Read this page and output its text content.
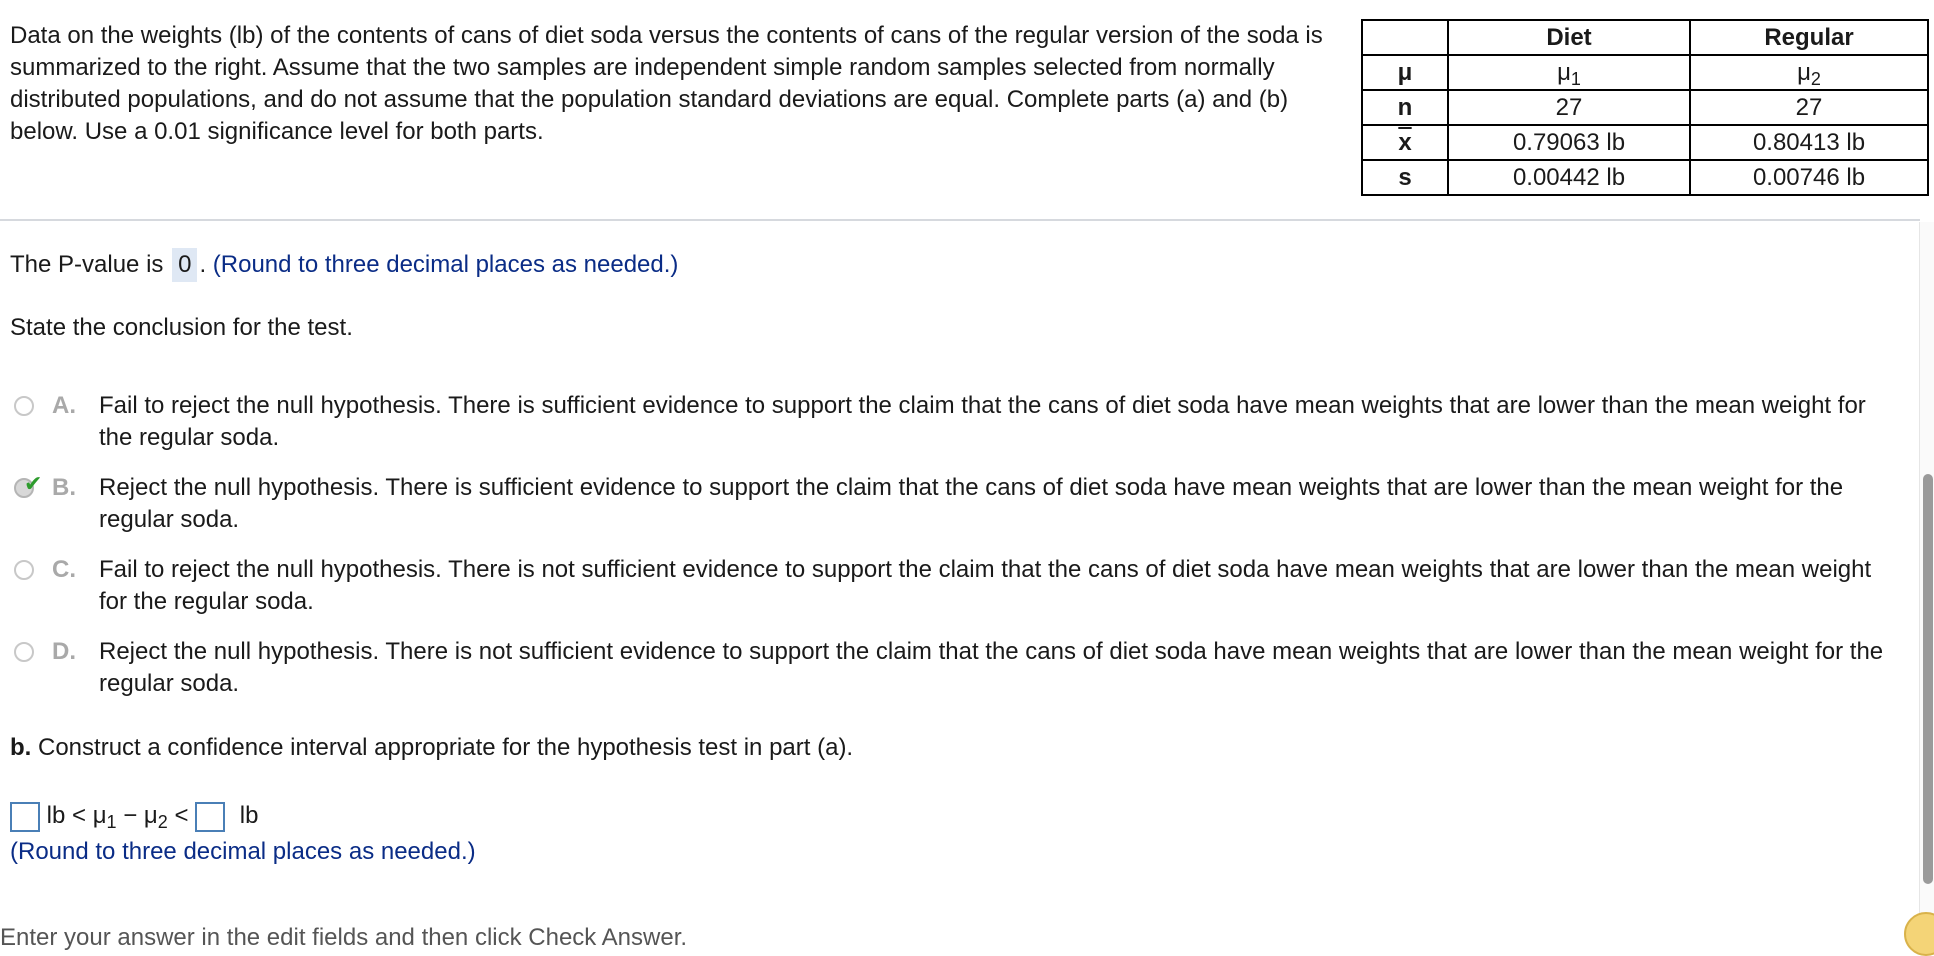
Data on the weights (lb) of the contents of cans of diet soda versus the contents of cans of the regular version of the soda is summarized to the right. Assume that the two samples are independent simple random samples selected from normally distributed populations, and do not assume that the population standard deviations are equal. Complete parts (a) and (b) below. Use a 0.01 significance level for both parts.
	Diet	Regular
μ	$\mu_1$	$\mu_2$
n	27	27
$\overline{x}$	0.79063 lb	0.80413 lb
s	0.00442 lb	0.00746 lb
The P-value is 0 . (Round to three decimal places as needed.)
State the conclusion for the test.
A. Fail to reject the null hypothesis. There is sufficient evidence to support the claim that the cans of diet soda have mean weights that are lower than the mean weight for the regular soda.
✔ B. Reject the null hypothesis. There is sufficient evidence to support the claim that the cans of diet soda have mean weights that are lower than the mean weight for the regular soda.
C. Fail to reject the null hypothesis. There is not sufficient evidence to support the claim that the cans of diet soda have mean weights that are lower than the mean weight for the regular soda.
D. Reject the null hypothesis. There is not sufficient evidence to support the claim that the cans of diet soda have mean weights that are lower than the mean weight for the regular soda.
b. Construct a confidence interval appropriate for the hypothesis test in part (a).
lb < $\mu_1 - \mu_2$ < lb
(Round to three decimal places as needed.)
Enter your answer in the edit fields and then click Check Answer.
